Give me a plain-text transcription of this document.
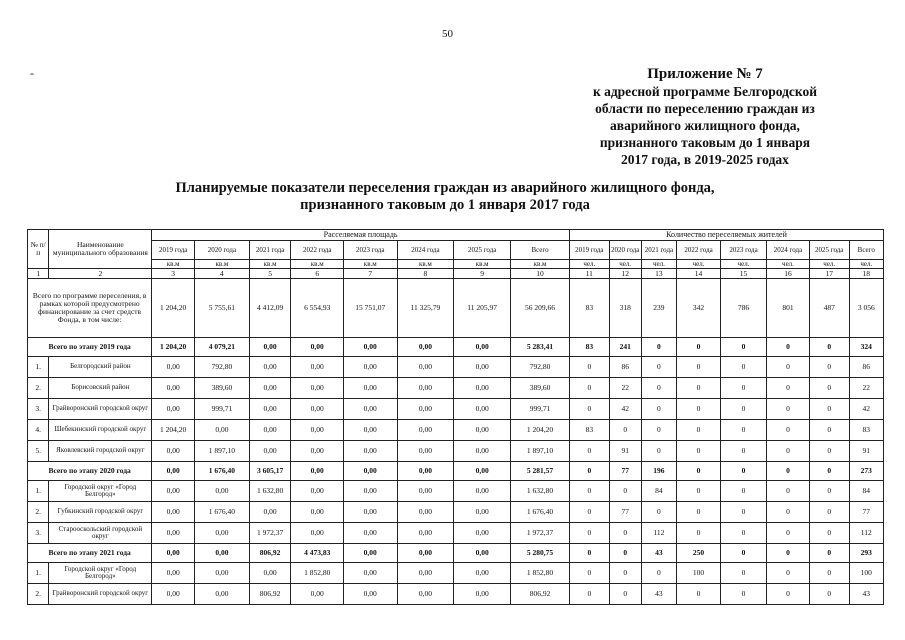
50
-	Приложение № 7
к адресной программе Белгородской
области по переселению граждан из
аварийного жилищного фонда,
признанного таковым до 1 января
2017 года, в 2019-2025 годах
Планируемые показатели переселения граждан из аварийного жилищного фонда,
признанного таковым до 1 января 2017 года
№ п/п	Наименование муниципального образования	Расселяемая площадь								Количество переселяемых жителей							
		2019 года	2020 года	2021 года	2022 года	2023 года	2024 года	2025 года	Всего	2019 года	2020 года	2021 года	2022 года	2023 года	2024 года	2025 года	Всего
		кв.м	кв.м	кв.м	кв.м	кв.м	кв.м	кв.м	кв.м	чел.	чел.	чел.	чел.	чел.	чел.	чел.	чел.
1	2	3	4	5	6	7	8	9	10	11	12	13	14	15	16	17	18
Всего по программе переселения, в рамках которой предусмотрено финансирование за счет средств Фонда, в том числе:		1 204,20	5 755,61	4 412,09	6 554,93	15 751,07	11 325,79	11 205,97	56 209,66	83	318	239	342	786	801	487	3 056
Всего по этапу 2019 года		1 204,20	4 079,21	0,00	0,00	0,00	0,00	0,00	5 283,41	83	241	0	0	0	0	0	324
1.	Белгородский район	0,00	792,80	0,00	0,00	0,00	0,00	0,00	792,80	0	86	0	0	0	0	0	86
2.	Борисовский район	0,00	389,60	0,00	0,00	0,00	0,00	0,00	389,60	0	22	0	0	0	0	0	22
3.	Грайворонский городской округ	0,00	999,71	0,00	0,00	0,00	0,00	0,00	999,71	0	42	0	0	0	0	0	42
4.	Шебекинский городской округ	1 204,20	0,00	0,00	0,00	0,00	0,00	0,00	1 204,20	83	0	0	0	0	0	0	83
5.	Яковлевский городской округ	0,00	1 897,10	0,00	0,00	0,00	0,00	0,00	1 897,10	0	91	0	0	0	0	0	91
Всего по этапу 2020 года		0,00	1 676,40	3 605,17	0,00	0,00	0,00	0,00	5 281,57	0	77	196	0	0	0	0	273
1.	Городской округ «Город Белгород»	0,00	0,00	1 632,80	0,00	0,00	0,00	0,00	1 632,80	0	0	84	0	0	0	0	84
2.	Губкинский городской округ	0,00	1 676,40	0,00	0,00	0,00	0,00	0,00	1 676,40	0	77	0	0	0	0	0	77
3.	Старооскольский городской округ	0,00	0,00	1 972,37	0,00	0,00	0,00	0,00	1 972,37	0	0	112	0	0	0	0	112
Всего по этапу 2021 года		0,00	0,00	806,92	4 473,83	0,00	0,00	0,00	5 280,75	0	0	43	250	0	0	0	293
1.	Городской округ «Город Белгород»	0,00	0,00	0,00	1 852,80	0,00	0,00	0,00	1 852,80	0	0	0	100	0	0	0	100
2.	Грайворонский городской округ	0,00	0,00	806,92	0,00	0,00	0,00	0,00	806,92	0	0	43	0	0	0	0	43
